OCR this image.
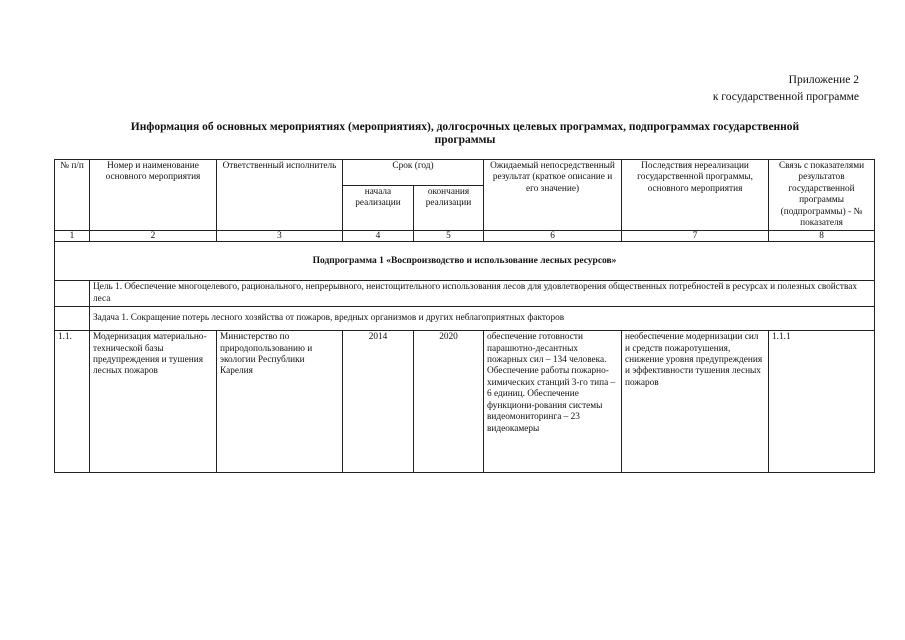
Приложение 2
к государственной программе
Информация об основных мероприятиях (мероприятиях), долгосрочных целевых программах, подпрограммах государственной
программы
№ п/п	Номер и наименование основного мероприятия	Ответственный исполнитель	Срок (год)		Ожидаемый непосредственный результат (краткое описание и его значение)	Последствия нереализации государственной программы, основного мероприятия	Связь с показателями результатов государственной программы (подпрограммы) - № показателя
			начала реализации	окончания реализации			
1	2	3	4	5	6	7	8
Подпрограмма 1 «Воспроизводство и использование лесных ресурсов»							
	Цель 1. Обеспечение многоцелевого, рационального, непрерывного, неистощительного использования лесов для удовлетворения общественных потребностей в ресурсах и полезных свойствах леса						
	Задача 1. Сокращение потерь лесного хозяйства от пожаров, вредных организмов и других неблагоприятных факторов						
1.1.	Модернизация материально-технической базы предупреждения и тушения лесных пожаров	Министерство по природопользованию и экологии Республики Карелия	2014	2020	обеспечение готовности парашютно-десантных пожарных сил – 134 человека. Обеспечение работы пожарно-химических станций 3-го типа – 6 единиц. Обеспечение функциони-рования системы видеомониторинга – 23 видеокамеры	необеспечение модернизации сил и средств пожаротушения, снижение уровня предупреждения и эффективности тушения лесных пожаров	1.1.1
